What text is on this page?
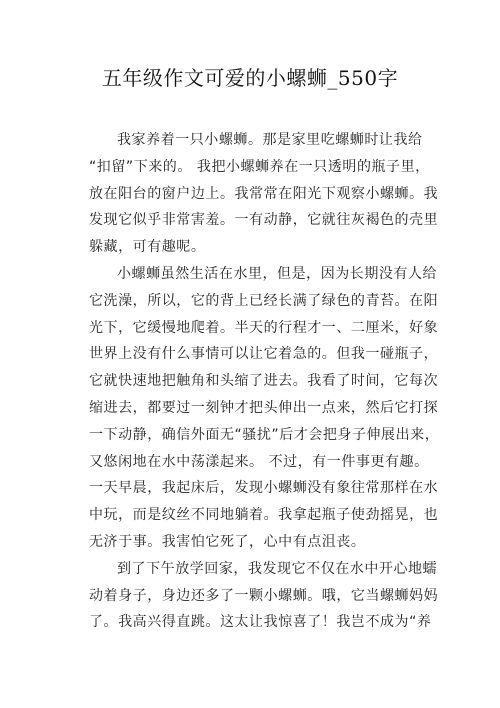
五年级作文可爱的小螺蛳_550字
我家养着一只小螺蛳。那是家里吃螺蛳时让我给
“扣留”下来的。 我把小螺蛳养在一只透明的瓶子里，
放在阳台的窗户边上。我常常在阳光下观察小螺蛳。我
发现它似乎非常害羞。一有动静，它就往灰褐色的壳里
躲藏，可有趣呢。
小螺蛳虽然生活在水里，但是，因为长期没有人给
它洗澡，所以，它的背上已经长满了绿色的青苔。在阳
光下，它缓慢地爬着。半天的行程才一、二厘米，好象
世界上没有什么事情可以让它着急的。但我一碰瓶子，
它就快速地把触角和头缩了进去。我看了时间，它每次
缩进去，都要过一刻钟才把头伸出一点来，然后它打探
一下动静，确信外面无“骚扰”后才会把身子伸展出来，
又悠闲地在水中荡漾起来。 不过，有一件事更有趣。
一天早晨，我起床后，发现小螺蛳没有象往常那样在水
中玩，而是纹丝不同地躺着。我拿起瓶子使劲摇晃，也
无济于事。我害怕它死了，心中有点沮丧。
到了下午放学回家，我发现它不仅在水中开心地蠕
动着身子，身边还多了一颗小螺蛳。哦，它当螺蛳妈妈
了。我高兴得直跳。这太让我惊喜了！我岂不成为“养
